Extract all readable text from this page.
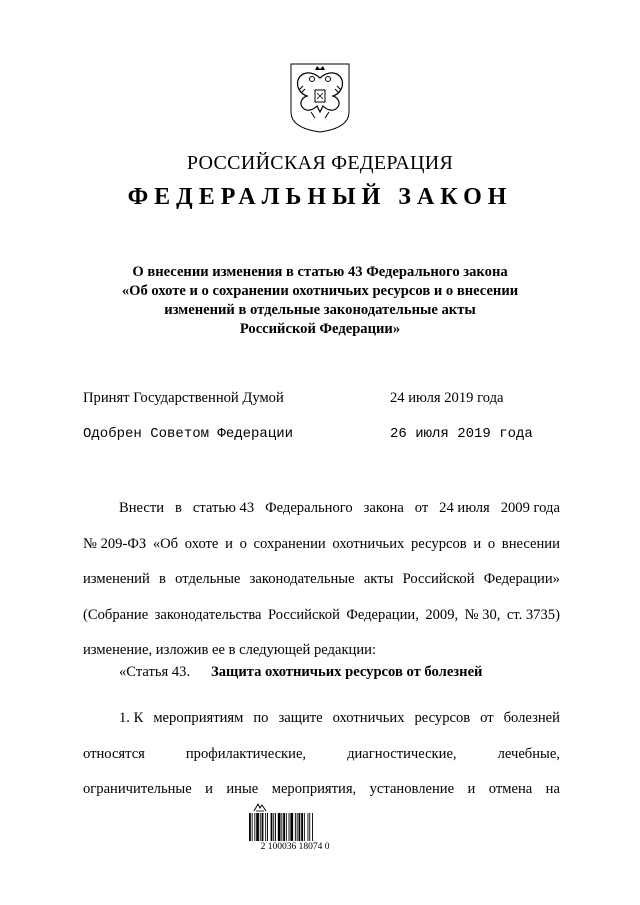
РОССИЙСКАЯ ФЕДЕРАЦИЯ
ФЕДЕРАЛЬНЫЙ ЗАКОН
О внесении изменения в статью 43 Федерального закона
«Об охоте и о сохранении охотничьих ресурсов и о внесении
изменений в отдельные законодательные акты
Российской Федерации»
Принят Государственной Думой	24 июля 2019 года
Одобрен Советом Федерации	26 июля 2019 года
Внести в статью 43 Федерального закона от 24 июля 2009 года
№ 209-ФЗ «Об охоте и о сохранении охотничьих ресурсов и о внесении
изменений в отдельные законодательные акты Российской Федерации»
(Собрание законодательства Российской Федерации, 2009, № 30, ст. 3735)
изменение, изложив ее в следующей редакции:
«Статья 43. Защита охотничьих ресурсов от болезней
1. К мероприятиям по защите охотничьих ресурсов от болезней
относятся	профилактические,	диагностические,	лечебные,
ограничительные и иные мероприятия, установление и отмена на
2 100036 18074 0
